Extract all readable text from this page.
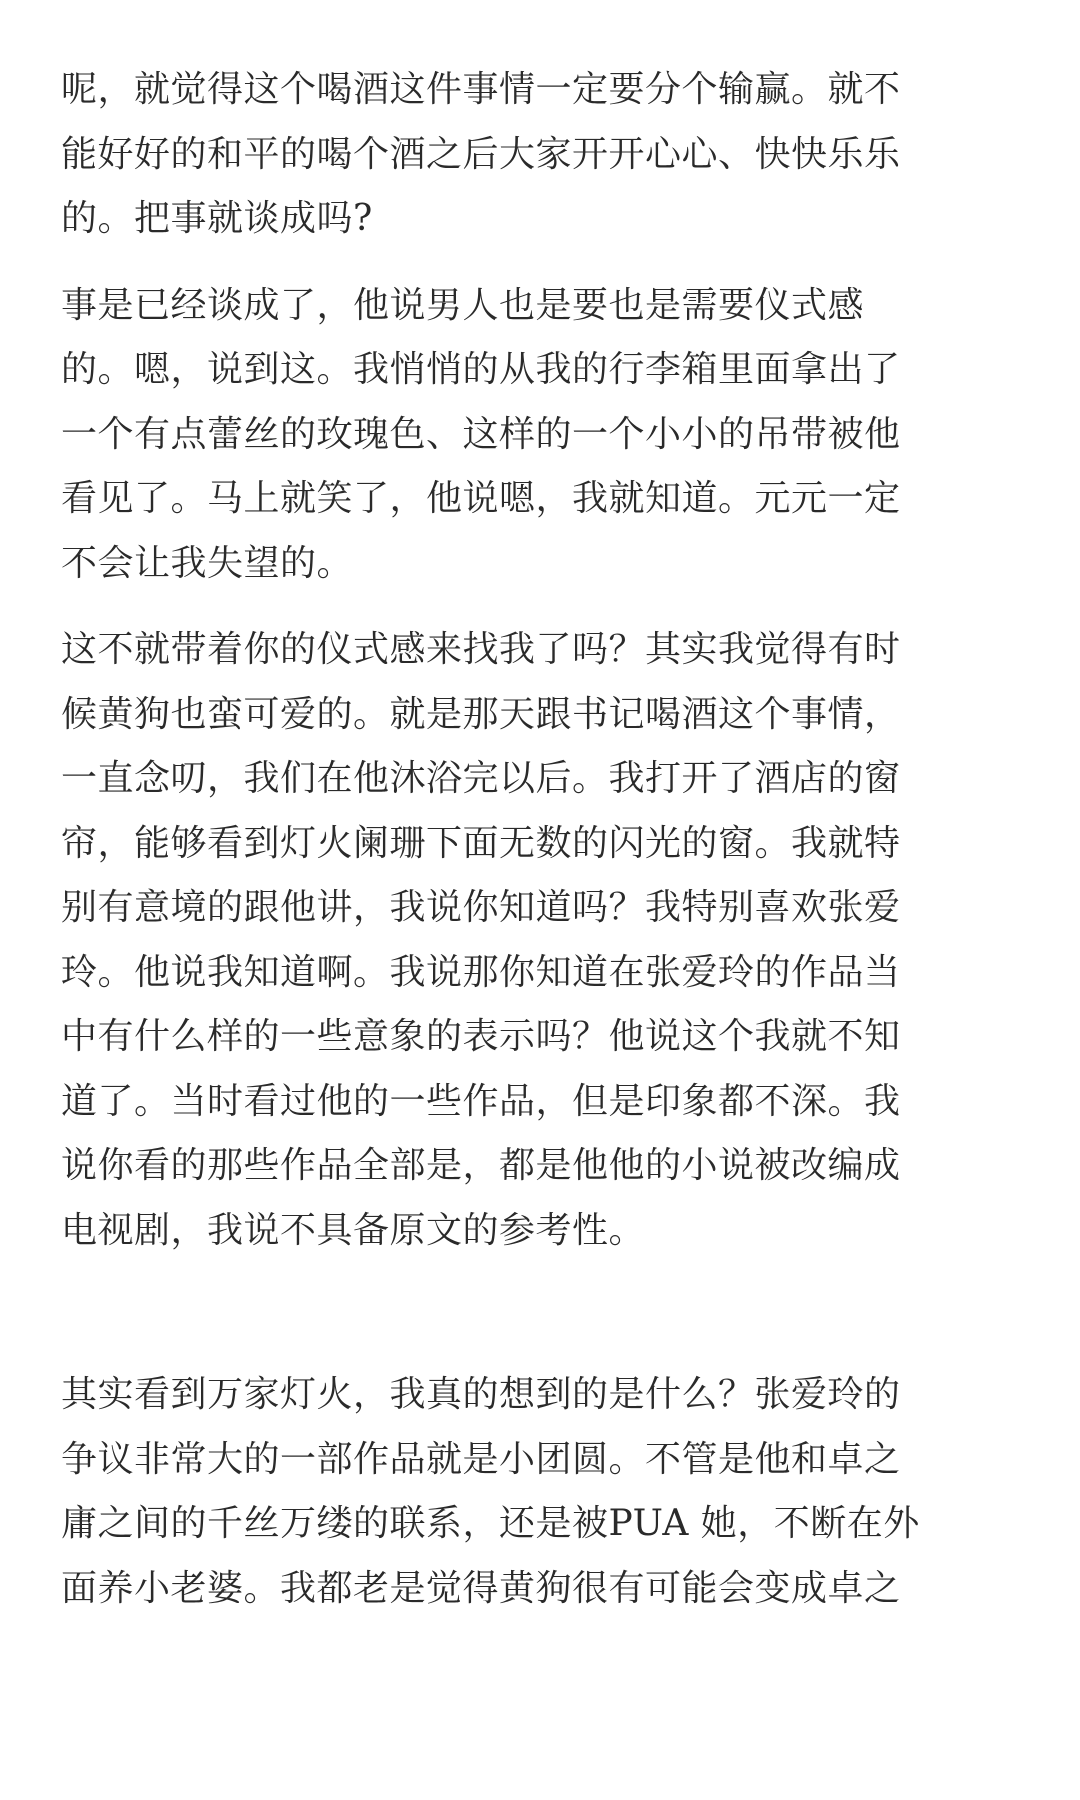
呢，就觉得这个喝酒这件事情一定要分个输赢。就不
能好好的和平的喝个酒之后大家开开心心、快快乐乐
的。把事就谈成吗?

事是已经谈成了，他说男人也是要也是需要仪式感
的。嗯，说到这。我悄悄的从我的行李箱里面拿出了
一个有点蕾丝的玫瑰色、这样的一个小小的吊带被他
看见了。马上就笑了，他说嗯，我就知道。元元一定
不会让我失望的。

这不就带着你的仪式感来找我了吗？其实我觉得有时
候黄狗也蛮可爱的。就是那天跟书记喝酒这个事情，
一直念叨，我们在他沐浴完以后。我打开了酒店的窗
帘，能够看到灯火阑珊下面无数的闪光的窗。我就特
别有意境的跟他讲，我说你知道吗？我特别喜欢张爱
玲。他说我知道啊。我说那你知道在张爱玲的作品当
中有什么样的一些意象的表示吗？他说这个我就不知
道了。当时看过他的一些作品，但是印象都不深。我
说你看的那些作品全部是，都是他他的小说被改编成
电视剧，我说不具备原文的参考性。

其实看到万家灯火，我真的想到的是什么？张爱玲的
争议非常大的一部作品就是小团圆。不管是他和卓之
庸之间的千丝万缕的联系，还是被PUA 她，不断在外
面养小老婆。我都老是觉得黄狗很有可能会变成卓之
